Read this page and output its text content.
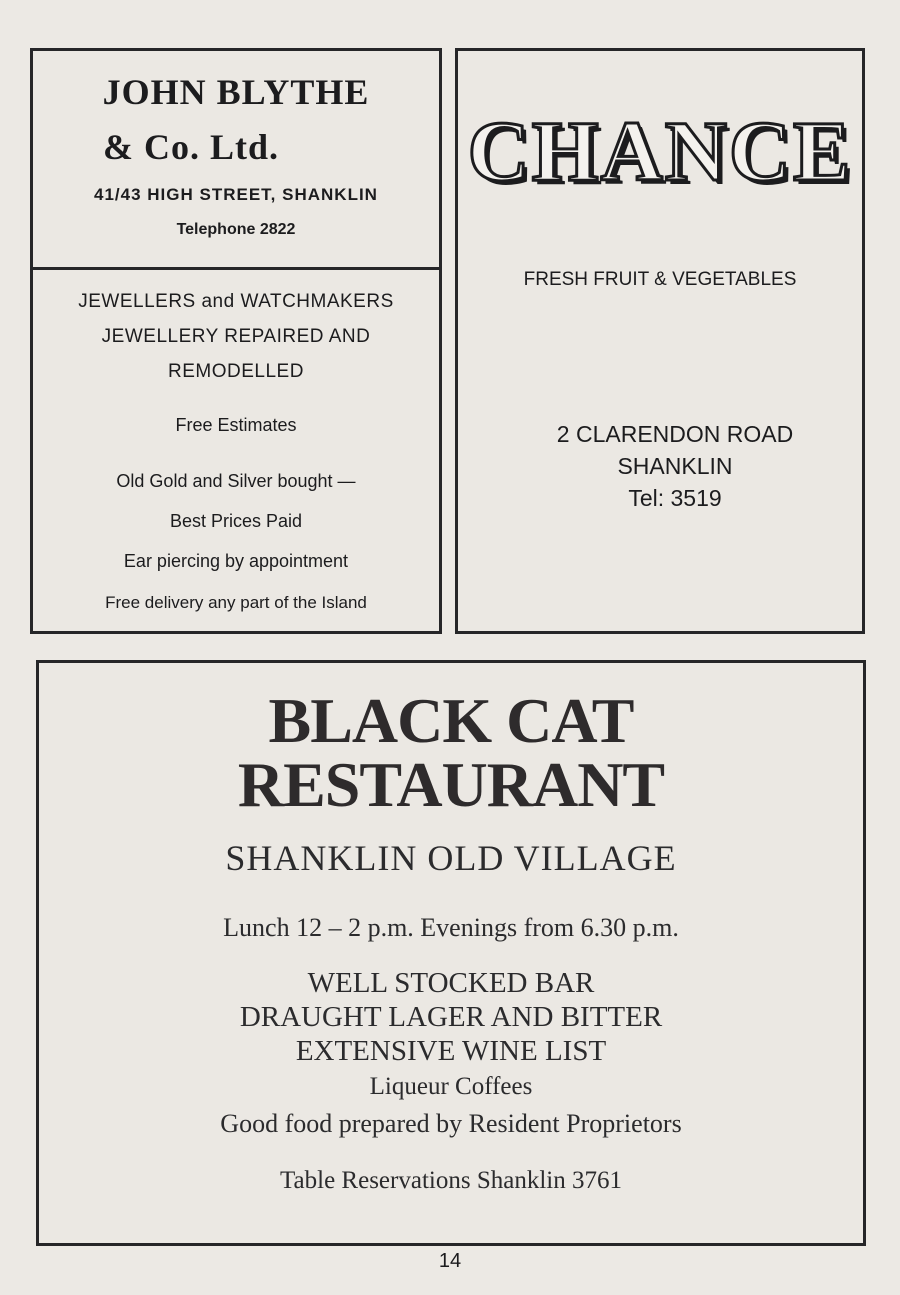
JOHN BLYTHE
& Co. Ltd.
41/43 HIGH STREET, SHANKLIN
Telephone 2822
JEWELLERS and WATCHMAKERS
JEWELLERY REPAIRED AND
REMODELLED
Free Estimates
Old Gold and Silver bought —
Best Prices Paid
Ear piercing by appointment
Free delivery any part of the Island
CHANCE
FRESH FRUIT & VEGETABLES
2 CLARENDON ROAD
SHANKLIN
Tel: 3519
BLACK CAT
RESTAURANT
SHANKLIN OLD VILLAGE
Lunch 12 – 2 p.m. Evenings from 6.30 p.m.
WELL STOCKED BAR
DRAUGHT LAGER AND BITTER
EXTENSIVE WINE LIST
Liqueur Coffees
Good food prepared by Resident Proprietors
Table Reservations Shanklin 3761
14
